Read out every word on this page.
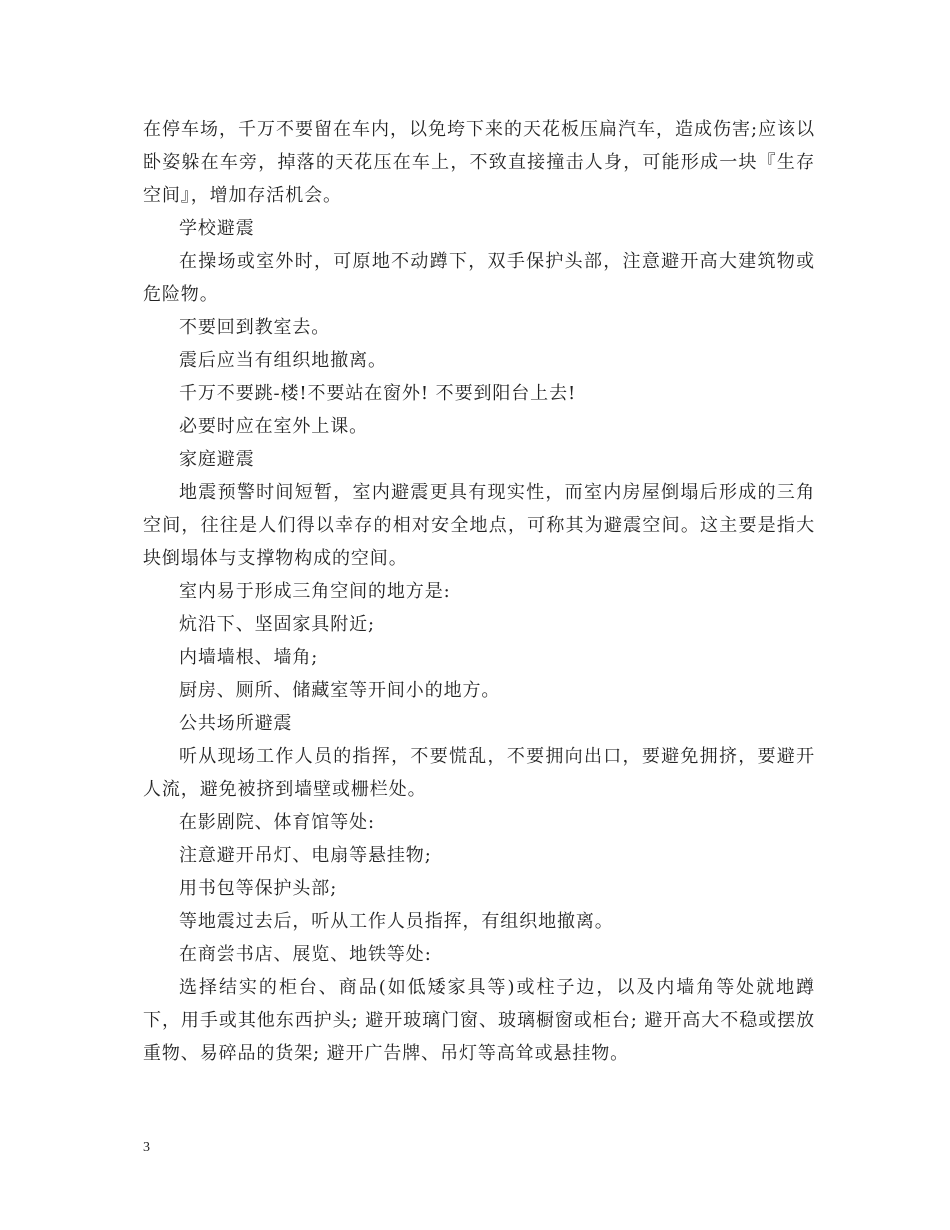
在停车场，千万不要留在车内，以免垮下来的天花板压扁汽车，造成伤害;应该以卧姿躲在车旁，掉落的天花压在车上，不致直接撞击人身，可能形成一块『生存空间』，增加存活机会。

学校避震

在操场或室外时，可原地不动蹲下，双手保护头部，注意避开高大建筑物或危险物。

不要回到教室去。

震后应当有组织地撤离。

千万不要跳-楼!不要站在窗外! 不要到阳台上去!

必要时应在室外上课。

家庭避震

地震预警时间短暂，室内避震更具有现实性，而室内房屋倒塌后形成的三角空间，往往是人们得以幸存的相对安全地点，可称其为避震空间。这主要是指大块倒塌体与支撑物构成的空间。

室内易于形成三角空间的地方是:

炕沿下、坚固家具附近;

内墙墙根、墙角;

厨房、厕所、储藏室等开间小的地方。

公共场所避震

听从现场工作人员的指挥，不要慌乱，不要拥向出口，要避免拥挤，要避开人流，避免被挤到墙壁或栅栏处。

在影剧院、体育馆等处:

注意避开吊灯、电扇等悬挂物;

用书包等保护头部;

等地震过去后，听从工作人员指挥，有组织地撤离。

在商尝书店、展览、地铁等处:

选择结实的柜台、商品(如低矮家具等)或柱子边，以及内墙角等处就地蹲下，用手或其他东西护头; 避开玻璃门窗、玻璃橱窗或柜台; 避开高大不稳或摆放重物、易碎品的货架; 避开广告牌、吊灯等高耸或悬挂物。

3
